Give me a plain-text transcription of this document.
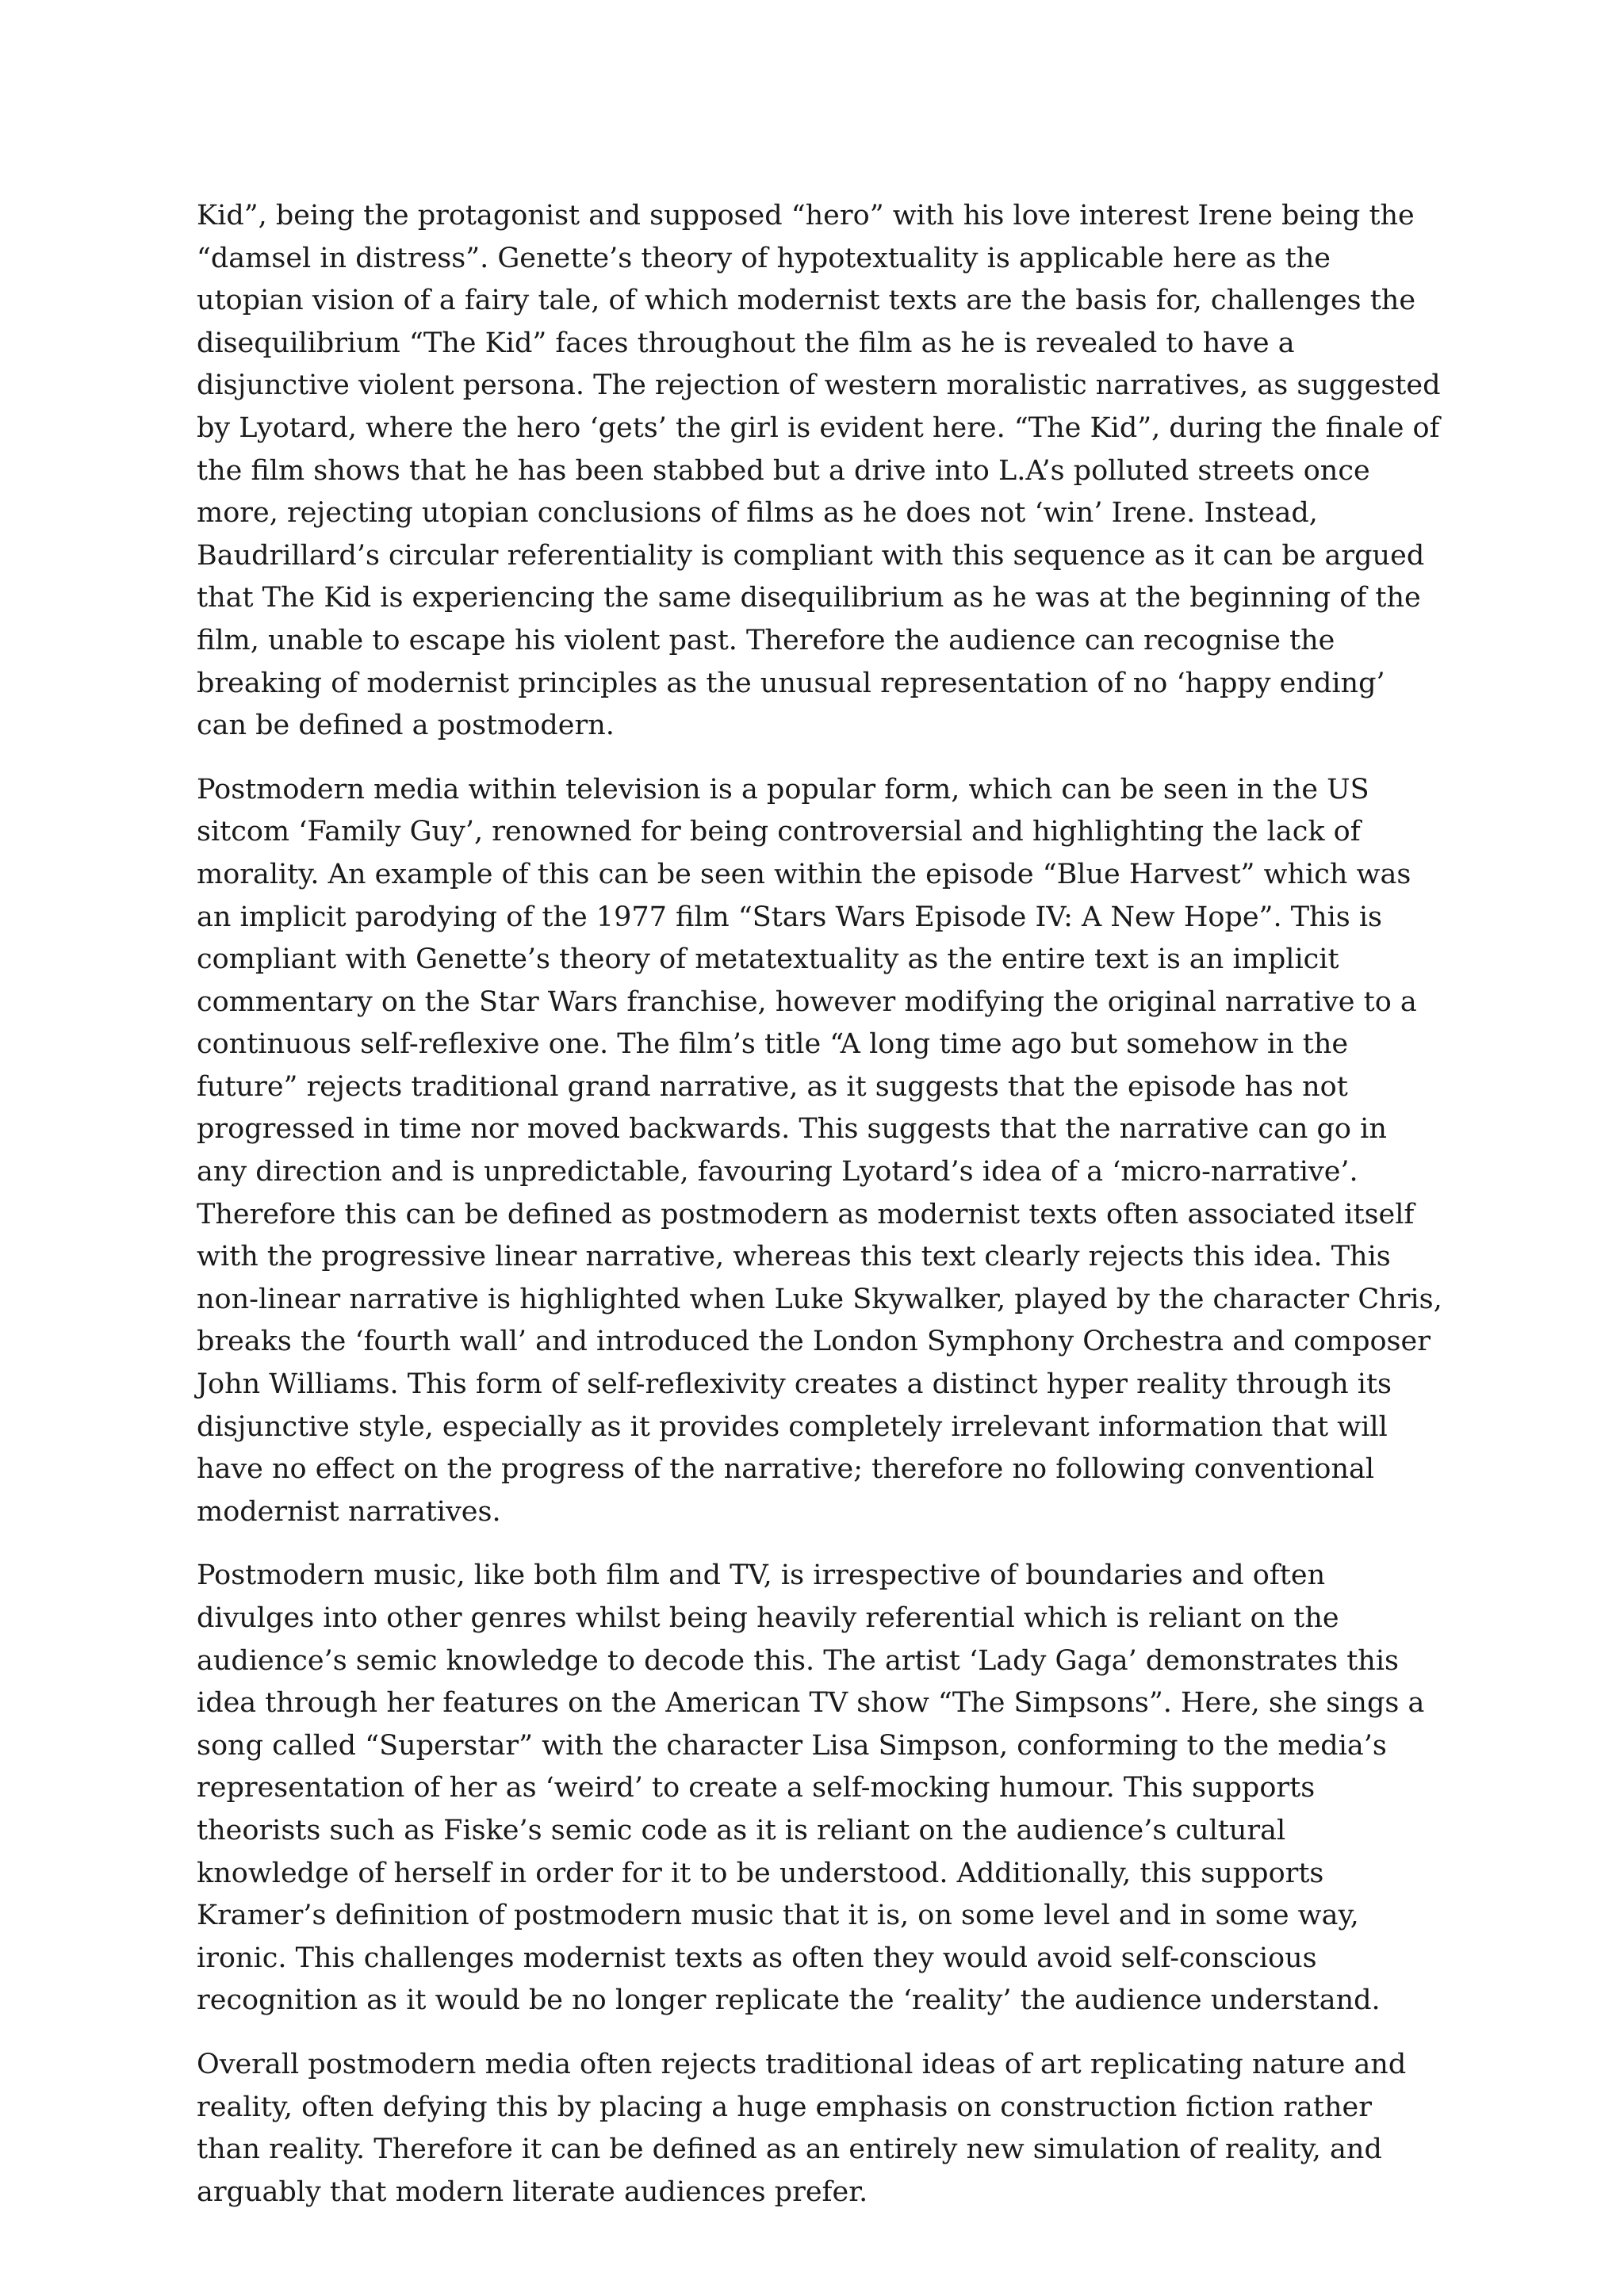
Kid”, being the protagonist and supposed “hero” with his love interest Irene being the “damsel in distress”. Genette’s theory of hypotextuality is applicable here as the utopian vision of a fairy tale, of which modernist texts are the basis for, challenges the disequilibrium “The Kid” faces throughout the film as he is revealed to have a disjunctive violent persona. The rejection of western moralistic narratives, as suggested by Lyotard, where the hero ‘gets’ the girl is evident here. “The Kid”, during the finale of the film shows that he has been stabbed but a drive into L.A’s polluted streets once more, rejecting utopian conclusions of films as he does not ‘win’ Irene. Instead, Baudrillard’s circular referentiality is compliant with this sequence as it can be argued that The Kid is experiencing the same disequilibrium as he was at the beginning of the film, unable to escape his violent past. Therefore the audience can recognise the breaking of modernist principles as the unusual representation of no ‘happy ending’ can be defined a postmodern.

Postmodern media within television is a popular form, which can be seen in the US sitcom ‘Family Guy’, renowned for being controversial and highlighting the lack of morality. An example of this can be seen within the episode “Blue Harvest” which was an implicit parodying of the 1977 film “Stars Wars Episode IV: A New Hope”. This is compliant with Genette’s theory of metatextuality as the entire text is an implicit commentary on the Star Wars franchise, however modifying the original narrative to a continuous self-reflexive one. The film’s title “A long time ago but somehow in the future” rejects traditional grand narrative, as it suggests that the episode has not progressed in time nor moved backwards. This suggests that the narrative can go in any direction and is unpredictable, favouring Lyotard’s idea of a ‘micro-narrative’. Therefore this can be defined as postmodern as modernist texts often associated itself with the progressive linear narrative, whereas this text clearly rejects this idea. This non-linear narrative is highlighted when Luke Skywalker, played by the character Chris, breaks the ‘fourth wall’ and introduced the London Symphony Orchestra and composer John Williams. This form of self-reflexivity creates a distinct hyper reality through its disjunctive style, especially as it provides completely irrelevant information that will have no effect on the progress of the narrative; therefore no following conventional modernist narratives.

Postmodern music, like both film and TV, is irrespective of boundaries and often divulges into other genres whilst being heavily referential which is reliant on the audience’s semic knowledge to decode this. The artist ‘Lady Gaga’ demonstrates this idea through her features on the American TV show “The Simpsons”. Here, she sings a song called “Superstar” with the character Lisa Simpson, conforming to the media’s representation of her as ‘weird’ to create a self-mocking humour. This supports theorists such as Fiske’s semic code as it is reliant on the audience’s cultural knowledge of herself in order for it to be understood. Additionally, this supports Kramer’s definition of postmodern music that it is, on some level and in some way, ironic. This challenges modernist texts as often they would avoid self-conscious recognition as it would be no longer replicate the ‘reality’ the audience understand.

Overall postmodern media often rejects traditional ideas of art replicating nature and reality, often defying this by placing a huge emphasis on construction fiction rather than reality. Therefore it can be defined as an entirely new simulation of reality, and arguably that modern literate audiences prefer.
